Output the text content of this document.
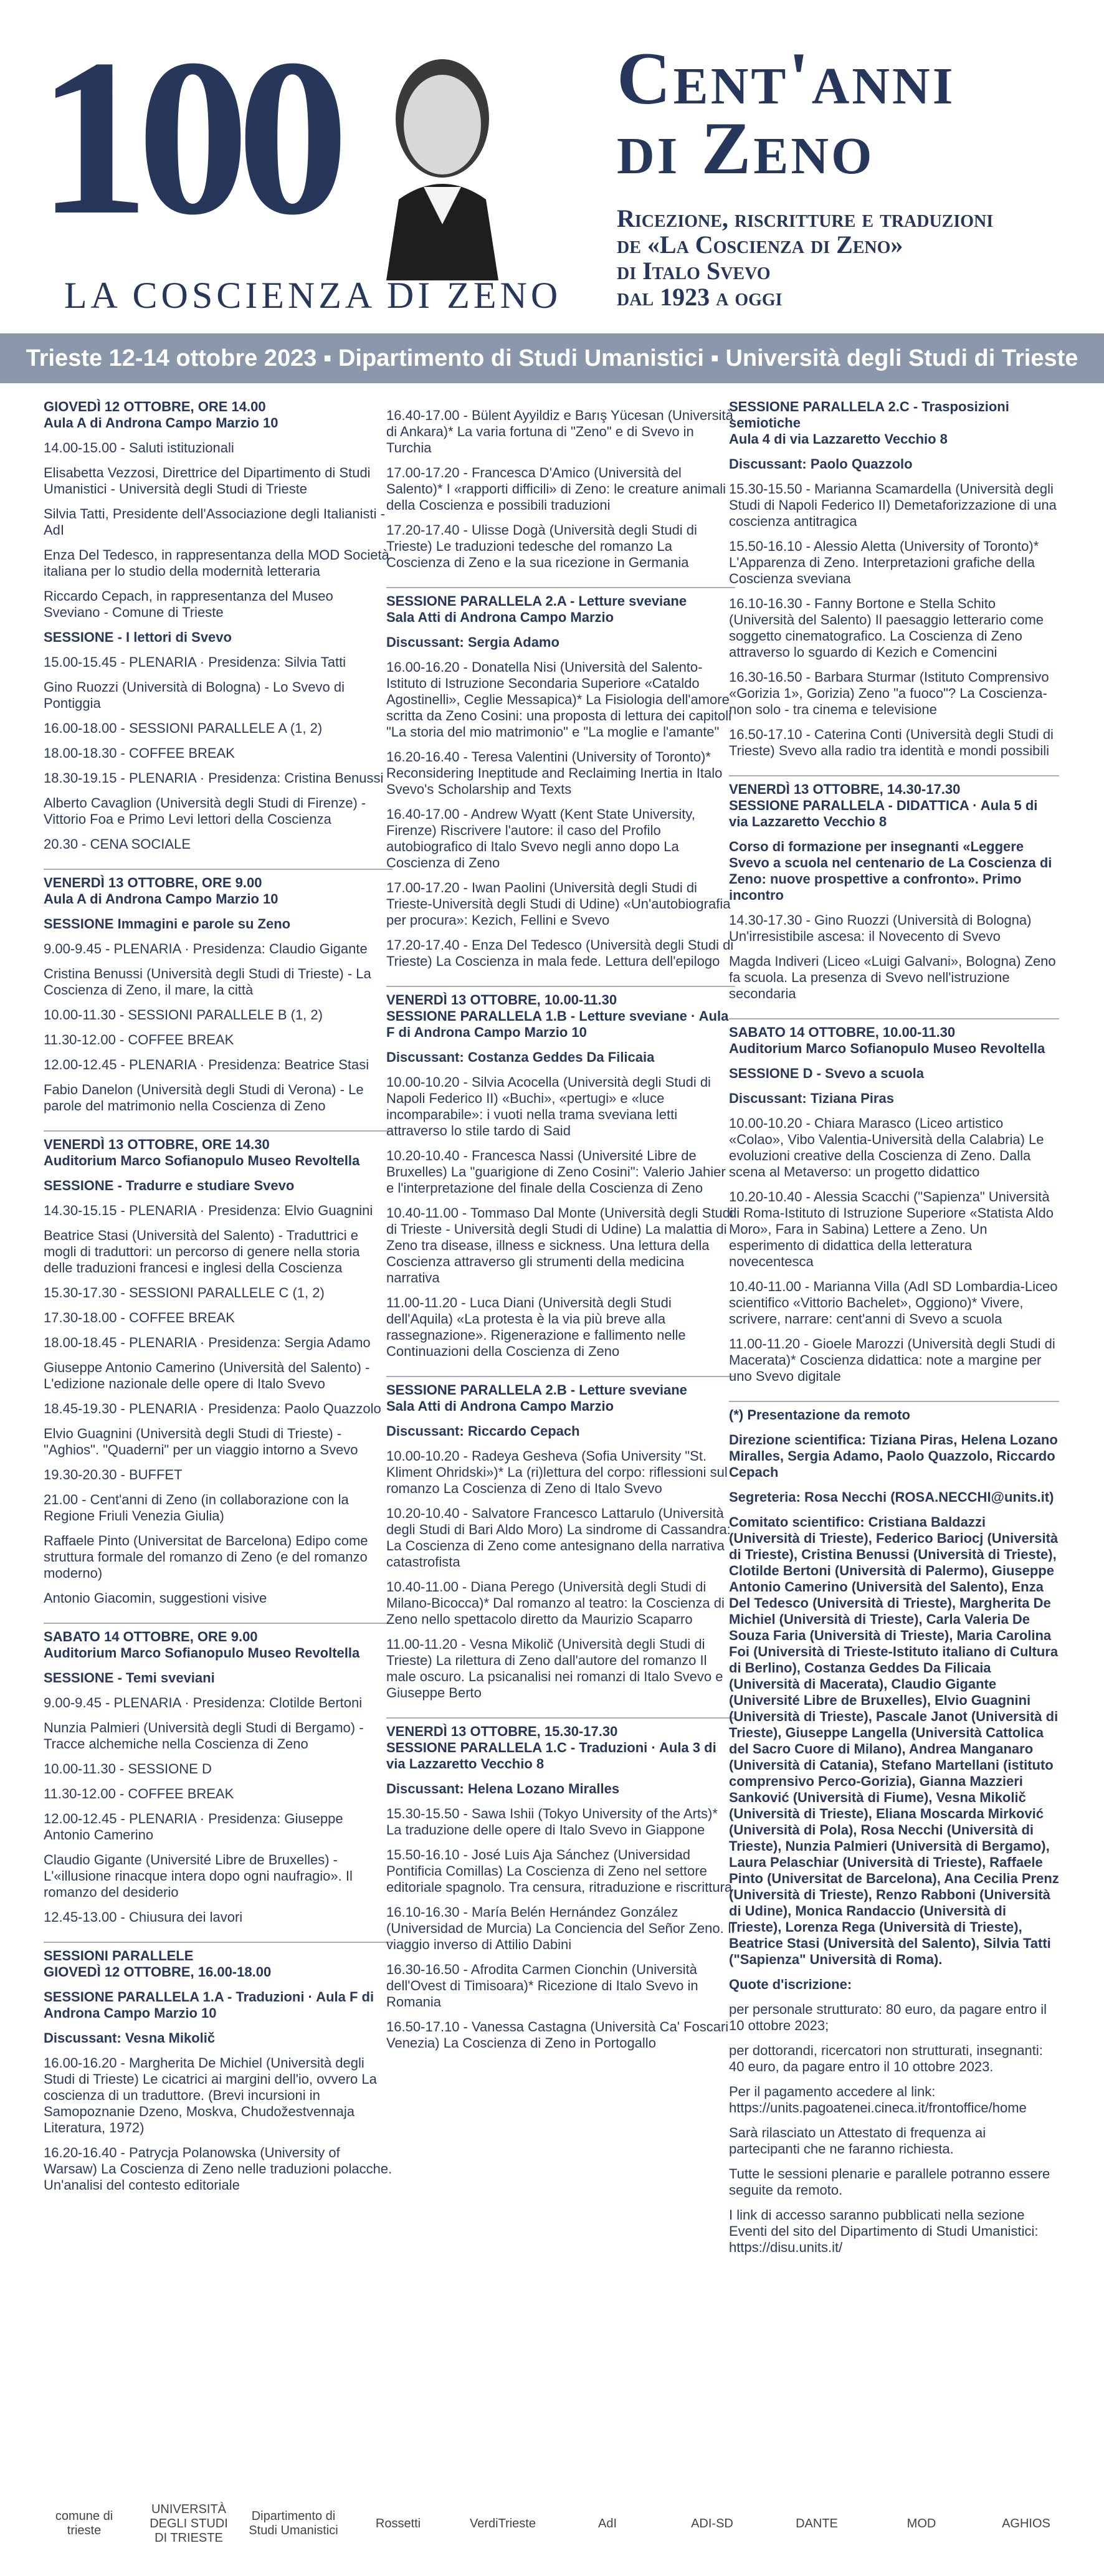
100
LA COSCIENZA DI ZENO
Cent'anni
di Zeno
Ricezione, riscritture e traduzioni
de «La Coscienza di Zeno»
di Italo Svevo
dal 1923 a oggi
Trieste 12-14 ottobre 2023 ▪ Dipartimento di Studi Umanistici ▪ Università degli Studi di Trieste
GIOVEDÌ 12 OTTOBRE, ORE 14.00
Aula A di Androna Campo Marzio 10
14.00-15.00 - Saluti istituzionali
Elisabetta Vezzosi, Direttrice del Dipartimento di Studi Umanistici - Università degli Studi di Trieste
Silvia Tatti, Presidente dell'Associazione degli Italianisti - AdI
Enza Del Tedesco, in rappresentanza della MOD Società italiana per lo studio della modernità letteraria
Riccardo Cepach, in rappresentanza del Museo Sveviano - Comune di Trieste
SESSIONE - I lettori di Svevo
15.00-15.45 - PLENARIA · Presidenza: Silvia Tatti
Gino Ruozzi (Università di Bologna) - Lo Svevo di Pontiggia
16.00-18.00 - SESSIONI PARALLELE A (1, 2)
18.00-18.30 - COFFEE BREAK
18.30-19.15 - PLENARIA · Presidenza: Cristina Benussi
Alberto Cavaglion (Università degli Studi di Firenze) - Vittorio Foa e Primo Levi lettori della Coscienza
20.30 - CENA SOCIALE
VENERDÌ 13 OTTOBRE, ORE 9.00
Aula A di Androna Campo Marzio 10
SESSIONE Immagini e parole su Zeno
9.00-9.45 - PLENARIA · Presidenza: Claudio Gigante
Cristina Benussi (Università degli Studi di Trieste) - La Coscienza di Zeno, il mare, la città
10.00-11.30 - SESSIONI PARALLELE B (1, 2)
11.30-12.00 - COFFEE BREAK
12.00-12.45 - PLENARIA · Presidenza: Beatrice Stasi
Fabio Danelon (Università degli Studi di Verona) - Le parole del matrimonio nella Coscienza di Zeno
VENERDÌ 13 OTTOBRE, ORE 14.30
Auditorium Marco Sofianopulo Museo Revoltella
SESSIONE - Tradurre e studiare Svevo
14.30-15.15 - PLENARIA · Presidenza: Elvio Guagnini
Beatrice Stasi (Università del Salento) - Traduttrici e mogli di traduttori: un percorso di genere nella storia delle traduzioni francesi e inglesi della Coscienza
15.30-17.30 - SESSIONI PARALLELE C (1, 2)
17.30-18.00 - COFFEE BREAK
18.00-18.45 - PLENARIA · Presidenza: Sergia Adamo
Giuseppe Antonio Camerino (Università del Salento) - L'edizione nazionale delle opere di Italo Svevo
18.45-19.30 - PLENARIA · Presidenza: Paolo Quazzolo
Elvio Guagnini (Università degli Studi di Trieste) - "Aghios". "Quaderni" per un viaggio intorno a Svevo
19.30-20.30 - BUFFET
21.00 - Cent'anni di Zeno (in collaborazione con la Regione Friuli Venezia Giulia)
Raffaele Pinto (Universitat de Barcelona) Edipo come struttura formale del romanzo di Zeno (e del romanzo moderno)
Antonio Giacomin, suggestioni visive
SABATO 14 OTTOBRE, ORE 9.00
Auditorium Marco Sofianopulo Museo Revoltella
SESSIONE - Temi sveviani
9.00-9.45 - PLENARIA · Presidenza: Clotilde Bertoni
Nunzia Palmieri (Università degli Studi di Bergamo) - Tracce alchemiche nella Coscienza di Zeno
10.00-11.30 - SESSIONE D
11.30-12.00 - COFFEE BREAK
12.00-12.45 - PLENARIA · Presidenza: Giuseppe Antonio Camerino
Claudio Gigante (Université Libre de Bruxelles) - L'«illusione rinacque intera dopo ogni naufragio». Il romanzo del desiderio
12.45-13.00 - Chiusura dei lavori
SESSIONI PARALLELE
GIOVEDÌ 12 OTTOBRE, 16.00-18.00
SESSIONE PARALLELA 1.A - Traduzioni · Aula F di Androna Campo Marzio 10
Discussant: Vesna Mikolič
16.00-16.20 - Margherita De Michiel (Università degli Studi di Trieste) Le cicatrici ai margini dell'io, ovvero La coscienza di un traduttore. (Brevi incursioni in Samopoznanie Dzeno, Moskva, Chudožestvennaja Literatura, 1972)
16.20-16.40 - Patrycja Polanowska (University of Warsaw) La Coscienza di Zeno nelle traduzioni polacche. Un'analisi del contesto editoriale
16.40-17.00 - Bülent Ayyildiz e Barış Yücesan (Università di Ankara)* La varia fortuna di "Zeno" e di Svevo in Turchia
17.00-17.20 - Francesca D'Amico (Università del Salento)* I «rapporti difficili» di Zeno: le creature animali della Coscienza e possibili traduzioni
17.20-17.40 - Ulisse Dogà (Università degli Studi di Trieste) Le traduzioni tedesche del romanzo La Coscienza di Zeno e la sua ricezione in Germania
SESSIONE PARALLELA 2.A - Letture sveviane
Sala Atti di Androna Campo Marzio
Discussant: Sergia Adamo
16.00-16.20 - Donatella Nisi (Università del Salento-Istituto di Istruzione Secondaria Superiore «Cataldo Agostinelli», Ceglie Messapica)* La Fisiologia dell'amore scritta da Zeno Cosini: una proposta di lettura dei capitoli "La storia del mio matrimonio" e "La moglie e l'amante"
16.20-16.40 - Teresa Valentini (University of Toronto)* Reconsidering Ineptitude and Reclaiming Inertia in Italo Svevo's Scholarship and Texts
16.40-17.00 - Andrew Wyatt (Kent State University, Firenze) Riscrivere l'autore: il caso del Profilo autobiografico di Italo Svevo negli anno dopo La Coscienza di Zeno
17.00-17.20 - Iwan Paolini (Università degli Studi di Trieste-Università degli Studi di Udine) «Un'autobiografia per procura»: Kezich, Fellini e Svevo
17.20-17.40 - Enza Del Tedesco (Università degli Studi di Trieste) La Coscienza in mala fede. Lettura dell'epilogo
VENERDÌ 13 OTTOBRE, 10.00-11.30
SESSIONE PARALLELA 1.B - Letture sveviane · Aula F di Androna Campo Marzio 10
Discussant: Costanza Geddes Da Filicaia
10.00-10.20 - Silvia Acocella (Università degli Studi di Napoli Federico II) «Buchi», «pertugi» e «luce incomparabile»: i vuoti nella trama sveviana letti attraverso lo stile tardo di Said
10.20-10.40 - Francesca Nassi (Université Libre de Bruxelles) La "guarigione di Zeno Cosini": Valerio Jahier e l'interpretazione del finale della Coscienza di Zeno
10.40-11.00 - Tommaso Dal Monte (Università degli Studi di Trieste - Università degli Studi di Udine) La malattia di Zeno tra disease, illness e sickness. Una lettura della Coscienza attraverso gli strumenti della medicina narrativa
11.00-11.20 - Luca Diani (Università degli Studi dell'Aquila) «La protesta è la via più breve alla rassegnazione». Rigenerazione e fallimento nelle Continuazioni della Coscienza di Zeno
SESSIONE PARALLELA 2.B - Letture sveviane
Sala Atti di Androna Campo Marzio
Discussant: Riccardo Cepach
10.00-10.20 - Radeya Gesheva (Sofia University "St. Kliment Ohridski»)* La (ri)lettura del corpo: riflessioni sul romanzo La Coscienza di Zeno di Italo Svevo
10.20-10.40 - Salvatore Francesco Lattarulo (Università degli Studi di Bari Aldo Moro) La sindrome di Cassandra: La Coscienza di Zeno come antesignano della narrativa catastrofista
10.40-11.00 - Diana Perego (Università degli Studi di Milano-Bicocca)* Dal romanzo al teatro: la Coscienza di Zeno nello spettacolo diretto da Maurizio Scaparro
11.00-11.20 - Vesna Mikolič (Università degli Studi di Trieste) La rilettura di Zeno dall'autore del romanzo Il male oscuro. La psicanalisi nei romanzi di Italo Svevo e Giuseppe Berto
VENERDÌ 13 OTTOBRE, 15.30-17.30
SESSIONE PARALLELA 1.C - Traduzioni · Aula 3 di via Lazzaretto Vecchio 8
Discussant: Helena Lozano Miralles
15.30-15.50 - Sawa Ishii (Tokyo University of the Arts)* La traduzione delle opere di Italo Svevo in Giappone
15.50-16.10 - José Luis Aja Sánchez (Universidad Pontificia Comillas) La Coscienza di Zeno nel settore editoriale spagnolo. Tra censura, ritraduzione e riscrittura
16.10-16.30 - María Belén Hernández González (Universidad de Murcia) La Conciencia del Señor Zeno. Il viaggio inverso di Attilio Dabini
16.30-16.50 - Afrodita Carmen Cionchin (Università dell'Ovest di Timisoara)* Ricezione di Italo Svevo in Romania
16.50-17.10 - Vanessa Castagna (Università Ca' Foscari Venezia) La Coscienza di Zeno in Portogallo
SESSIONE PARALLELA 2.C - Trasposizioni semiotiche
Aula 4 di via Lazzaretto Vecchio 8
Discussant: Paolo Quazzolo
15.30-15.50 - Marianna Scamardella (Università degli Studi di Napoli Federico II) Demetaforizzazione di una coscienza antitragica
15.50-16.10 - Alessio Aletta (University of Toronto)* L'Apparenza di Zeno. Interpretazioni grafiche della Coscienza sveviana
16.10-16.30 - Fanny Bortone e Stella Schito (Università del Salento) Il paesaggio letterario come soggetto cinematografico. La Coscienza di Zeno attraverso lo sguardo di Kezich e Comencini
16.30-16.50 - Barbara Sturmar (Istituto Comprensivo «Gorizia 1», Gorizia) Zeno "a fuoco"? La Coscienza- non solo - tra cinema e televisione
16.50-17.10 - Caterina Conti (Università degli Studi di Trieste) Svevo alla radio tra identità e mondi possibili
VENERDÌ 13 OTTOBRE, 14.30-17.30
SESSIONE PARALLELA - DIDATTICA · Aula 5 di via Lazzaretto Vecchio 8
Corso di formazione per insegnanti «Leggere Svevo a scuola nel centenario de La Coscienza di Zeno: nuove prospettive a confronto». Primo incontro
14.30-17.30 - Gino Ruozzi (Università di Bologna) Un'irresistibile ascesa: il Novecento di Svevo
Magda Indiveri (Liceo «Luigi Galvani», Bologna) Zeno fa scuola. La presenza di Svevo nell'istruzione secondaria
SABATO 14 OTTOBRE, 10.00-11.30
Auditorium Marco Sofianopulo Museo Revoltella
SESSIONE D - Svevo a scuola
Discussant: Tiziana Piras
10.00-10.20 - Chiara Marasco (Liceo artistico «Colao», Vibo Valentia-Università della Calabria) Le evoluzioni creative della Coscienza di Zeno. Dalla scena al Metaverso: un progetto didattico
10.20-10.40 - Alessia Scacchi ("Sapienza" Università di Roma-Istituto di Istruzione Superiore «Statista Aldo Moro», Fara in Sabina) Lettere a Zeno. Un esperimento di didattica della letteratura novecentesca
10.40-11.00 - Marianna Villa (AdI SD Lombardia-Liceo scientifico «Vittorio Bachelet», Oggiono)* Vivere, scrivere, narrare: cent'anni di Svevo a scuola
11.00-11.20 - Gioele Marozzi (Università degli Studi di Macerata)* Coscienza didattica: note a margine per uno Svevo digitale
(*) Presentazione da remoto
Direzione scientifica: Tiziana Piras, Helena Lozano Miralles, Sergia Adamo, Paolo Quazzolo, Riccardo Cepach
Segreteria: Rosa Necchi (ROSA.NECCHI@units.it)
Comitato scientifico: Cristiana Baldazzi (Università di Trieste), Federico Bariocj (Università di Trieste), Cristina Benussi (Università di Trieste), Clotilde Bertoni (Università di Palermo), Giuseppe Antonio Camerino (Università del Salento), Enza Del Tedesco (Università di Trieste), Margherita De Michiel (Università di Trieste), Carla Valeria De Souza Faria (Università di Trieste), Maria Carolina Foi (Università di Trieste-Istituto italiano di Cultura di Berlino), Costanza Geddes Da Filicaia (Università di Macerata), Claudio Gigante (Université Libre de Bruxelles), Elvio Guagnini (Università di Trieste), Pascale Janot (Università di Trieste), Giuseppe Langella (Università Cattolica del Sacro Cuore di Milano), Andrea Manganaro (Università di Catania), Stefano Martellani (istituto comprensivo Perco-Gorizia), Gianna Mazzieri Sanković (Università di Fiume), Vesna Mikolič (Università di Trieste), Eliana Moscarda Mirković (Università di Pola), Rosa Necchi (Università di Trieste), Nunzia Palmieri (Università di Bergamo), Laura Pelaschiar (Università di Trieste), Raffaele Pinto (Universitat de Barcelona), Ana Cecilia Prenz (Università di Trieste), Renzo Rabboni (Università di Udine), Monica Randaccio (Università di Trieste), Lorenza Rega (Università di Trieste), Beatrice Stasi (Università del Salento), Silvia Tatti ("Sapienza" Università di Roma).
Quote d'iscrizione:
per personale strutturato: 80 euro, da pagare entro il 10 ottobre 2023;
per dottorandi, ricercatori non strutturati, insegnanti: 40 euro, da pagare entro il 10 ottobre 2023.
Per il pagamento accedere al link: https://units.pagoatenei.cineca.it/frontoffice/home
Sarà rilasciato un Attestato di frequenza ai partecipanti che ne faranno richiesta.
Tutte le sessioni plenarie e parallele potranno essere seguite da remoto.
I link di accesso saranno pubblicati nella sezione Eventi del sito del Dipartimento di Studi Umanistici: https://disu.units.it/
comune di trieste
UNIVERSITÀ DEGLI STUDI DI TRIESTE
Dipartimento di Studi Umanistici
Rossetti	VerdiTrieste	AdI	ADI-SD	DANTE	MOD	AGHIOS
